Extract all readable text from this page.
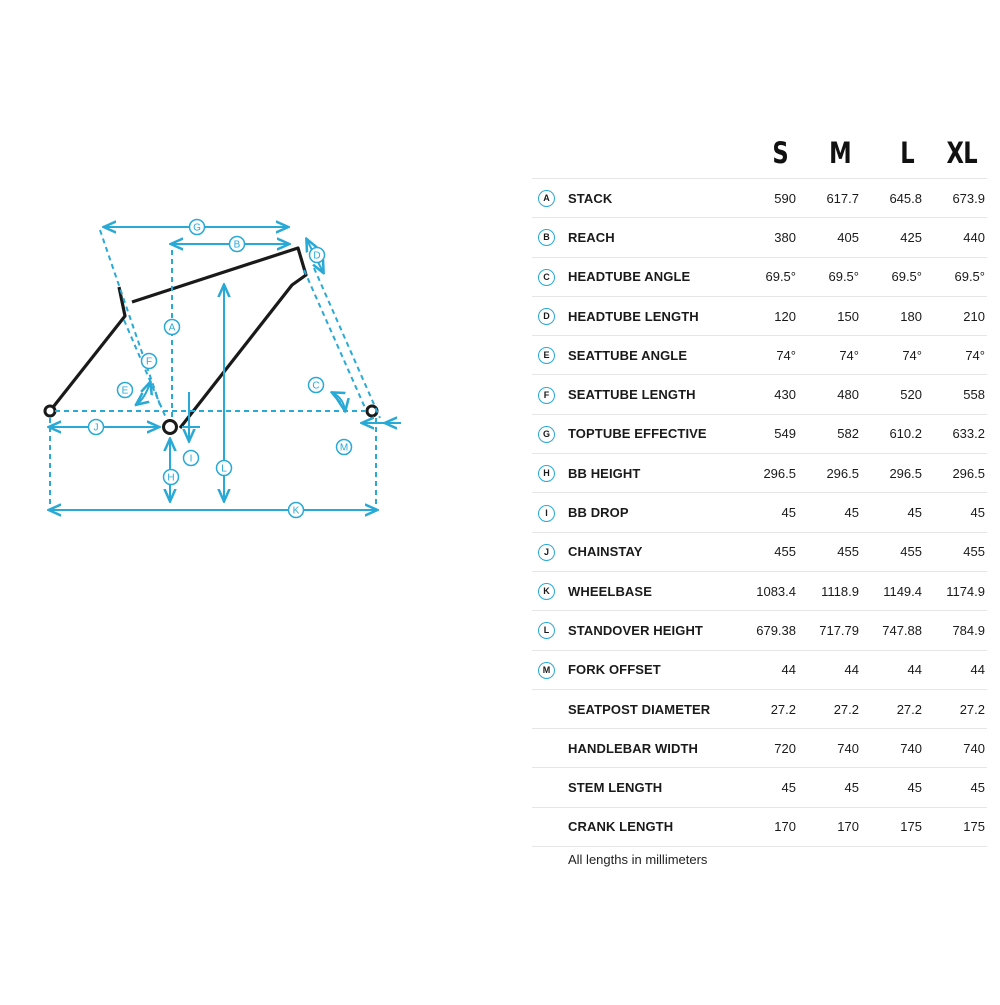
G
B
D
A
F
E	C
J
I
M
H
L
K
		S	M	L	XL
A	STACK	590	617.7	645.8	673.9
B	REACH	380	405	425	440
C	HEADTUBE ANGLE	69.5°	69.5°	69.5°	69.5°
D	HEADTUBE LENGTH	120	150	180	210
E	SEATTUBE ANGLE	74°	74°	74°	74°
F	SEATTUBE LENGTH	430	480	520	558
G	TOPTUBE EFFECTIVE	549	582	610.2	633.2
H	BB HEIGHT	296.5	296.5	296.5	296.5
I	BB DROP	45	45	45	45
J	CHAINSTAY	455	455	455	455
K	WHEELBASE	1083.4	1118.9	1149.4	1174.9
L	STANDOVER HEIGHT	679.38	717.79	747.88	784.9
M	FORK OFFSET	44	44	44	44
	SEATPOST DIAMETER	27.2	27.2	27.2	27.2
	HANDLEBAR WIDTH	720	740	740	740
	STEM LENGTH	45	45	45	45
	CRANK LENGTH	170	170	175	175
All lengths in millimeters
